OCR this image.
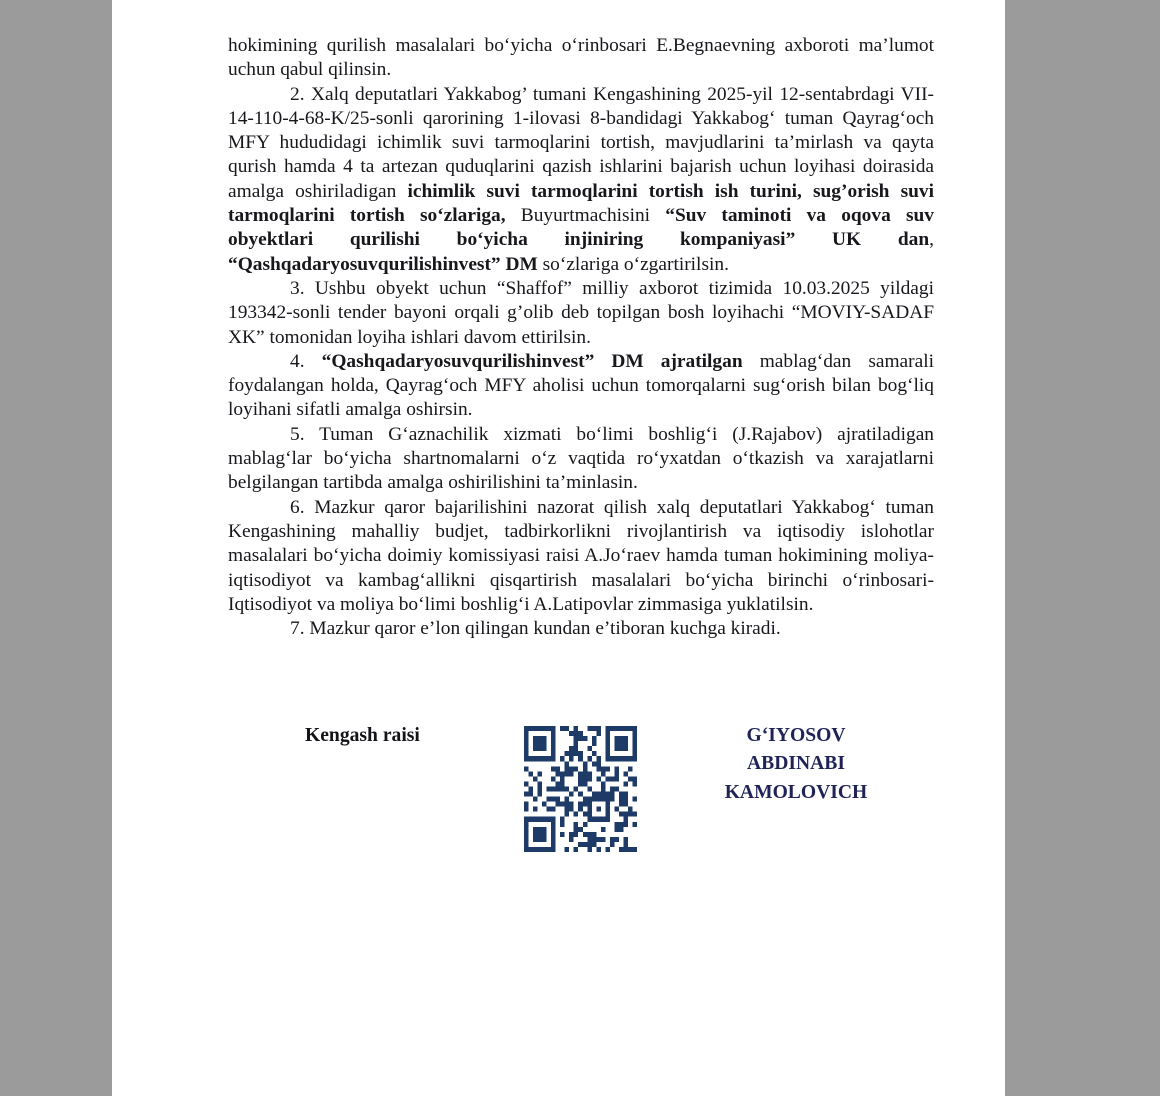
hokimining qurilish masalalari boʻyicha oʻrinbosari E.Begnaevning axboroti ma’lumot uchun qabul qilinsin.

2. Xalq deputatlari Yakkabog’ tumani Kengashining 2025-yil 12-sentabrdagi VII-14-110-4-68-K/25-sonli qarorining 1-ilovasi 8-bandidagi Yakkabogʻ tuman Qayragʻoch MFY hududidagi ichimlik suvi tarmoqlarini tortish, mavjudlarini ta’mirlash va qayta qurish hamda 4 ta artezan quduqlarini qazish ishlarini bajarish uchun loyihasi doirasida amalga oshiriladigan ichimlik suvi tarmoqlarini tortish ish turini, sug’orish suvi tarmoqlarini tortish soʻzlariga, Buyurtmachisini “Suv taminoti va oqova suv obyektlari qurilishi boʻyicha injiniring kompaniyasi” UK dan, “Qashqadaryosuvqurilishinvest” DM soʻzlariga oʻzgartirilsin.

3. Ushbu obyekt uchun “Shaffof” milliy axborot tizimida 10.03.2025 yildagi 193342-sonli tender bayoni orqali g’olib deb topilgan bosh loyihachi “MOVIY-SADAF XK” tomonidan loyiha ishlari davom ettirilsin.

4. “Qashqadaryosuvqurilishinvest” DM ajratilgan mablagʻdan samarali foydalangan holda, Qayragʻoch MFY aholisi uchun tomorqalarni sugʻorish bilan bogʻliq loyihani sifatli amalga oshirsin.

5. Tuman Gʻaznachilik xizmati boʻlimi boshligʻi (J.Rajabov) ajratiladigan mablagʻlar boʻyicha shartnomalarni oʻz vaqtida roʻyxatdan oʻtkazish va xarajatlarni belgilangan tartibda amalga oshirilishini ta’minlasin.

6. Mazkur qaror bajarilishini nazorat qilish xalq deputatlari Yakkabogʻ tuman Kengashining mahalliy budjet, tadbirkorlikni rivojlantirish va iqtisodiy islohotlar masalalari boʻyicha doimiy komissiyasi raisi A.Joʻraev hamda tuman hokimining moliya-iqtisodiyot va kambagʻallikni qisqartirish masalalari boʻyicha birinchi oʻrinbosari-Iqtisodiyot va moliya boʻlimi boshligʻi A.Latipovlar zimmasiga yuklatilsin.

7. Mazkur qaror e’lon qilingan kundan e’tiboran kuchga kiradi.

Kengash raisi	GʻIYOSOV
ABDINABI
KAMOLOVICH
